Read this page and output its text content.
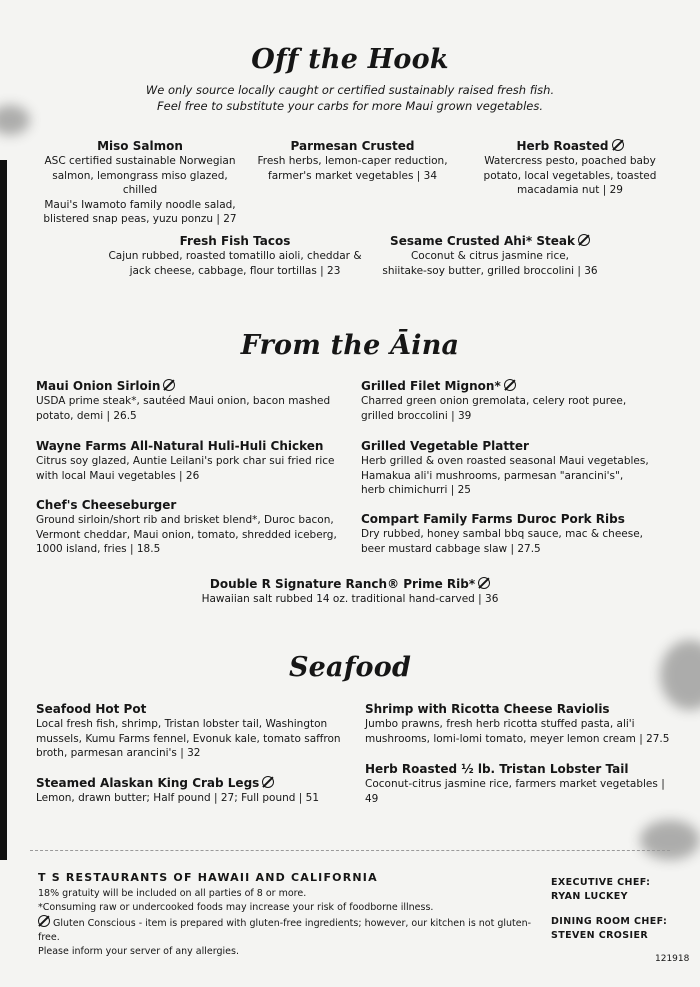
Off the Hook
We only source locally caught or certified sustainably raised fresh fish.
Feel free to substitute your carbs for more Maui grown vegetables.
Miso Salmon
ASC certified sustainable Norwegian
salmon, lemongrass miso glazed, chilled
Maui's Iwamoto family noodle salad,
blistered snap peas, yuzu ponzu | 27
Parmesan Crusted
Fresh herbs, lemon-caper reduction,
farmer's market vegetables | 34
Herb Roasted
Watercress pesto, poached baby
potato, local vegetables, toasted
macadamia nut | 29
Fresh Fish Tacos
Cajun rubbed, roasted tomatillo aioli, cheddar &
jack cheese, cabbage, flour tortillas | 23
Sesame Crusted Ahi* Steak
Coconut & citrus jasmine rice,
shiitake-soy butter, grilled broccolini | 36
From the Āina
Maui Onion Sirloin
USDA prime steak*, sautéed Maui onion, bacon mashed
potato, demi | 26.5
Grilled Filet Mignon*
Charred green onion gremolata, celery root puree,
grilled broccolini | 39
Wayne Farms All-Natural Huli-Huli Chicken
Citrus soy glazed, Auntie Leilani's pork char sui fried rice
with local Maui vegetables | 26
Grilled Vegetable Platter
Herb grilled & oven roasted seasonal Maui vegetables,
Hamakua ali'i mushrooms, parmesan "arancini's",
herb chimichurri | 25
Chef's Cheeseburger
Ground sirloin/short rib and brisket blend*, Duroc bacon,
Vermont cheddar, Maui onion, tomato, shredded iceberg,
1000 island, fries | 18.5
Compart Family Farms Duroc Pork Ribs
Dry rubbed, honey sambal bbq sauce, mac & cheese,
beer mustard cabbage slaw | 27.5
Double R Signature Ranch® Prime Rib*
Hawaiian salt rubbed 14 oz. traditional hand-carved | 36
Seafood
Seafood Hot Pot
Local fresh fish, shrimp, Tristan lobster tail, Washington
mussels, Kumu Farms fennel, Evonuk kale, tomato saffron
broth, parmesan arancini's | 32
Shrimp with Ricotta Cheese Raviolis
Jumbo prawns, fresh herb ricotta stuffed pasta, ali'i
mushrooms, lomi-lomi tomato, meyer lemon cream | 27.5
Steamed Alaskan King Crab Legs
Lemon, drawn butter; Half pound | 27; Full pound | 51
Herb Roasted ½ lb. Tristan Lobster Tail
Coconut-citrus jasmine rice, farmers market vegetables | 49
T S RESTAURANTS OF HAWAII AND CALIFORNIA
18% gratuity will be included on all parties of 8 or more.
*Consuming raw or undercooked foods may increase your risk of foodborne illness.
Gluten Conscious - item is prepared with gluten-free ingredients; however, our kitchen is not gluten-free.
Please inform your server of any allergies.
EXECUTIVE CHEF:
RYAN LUCKEY
DINING ROOM CHEF:
STEVEN CROSIER
121918
